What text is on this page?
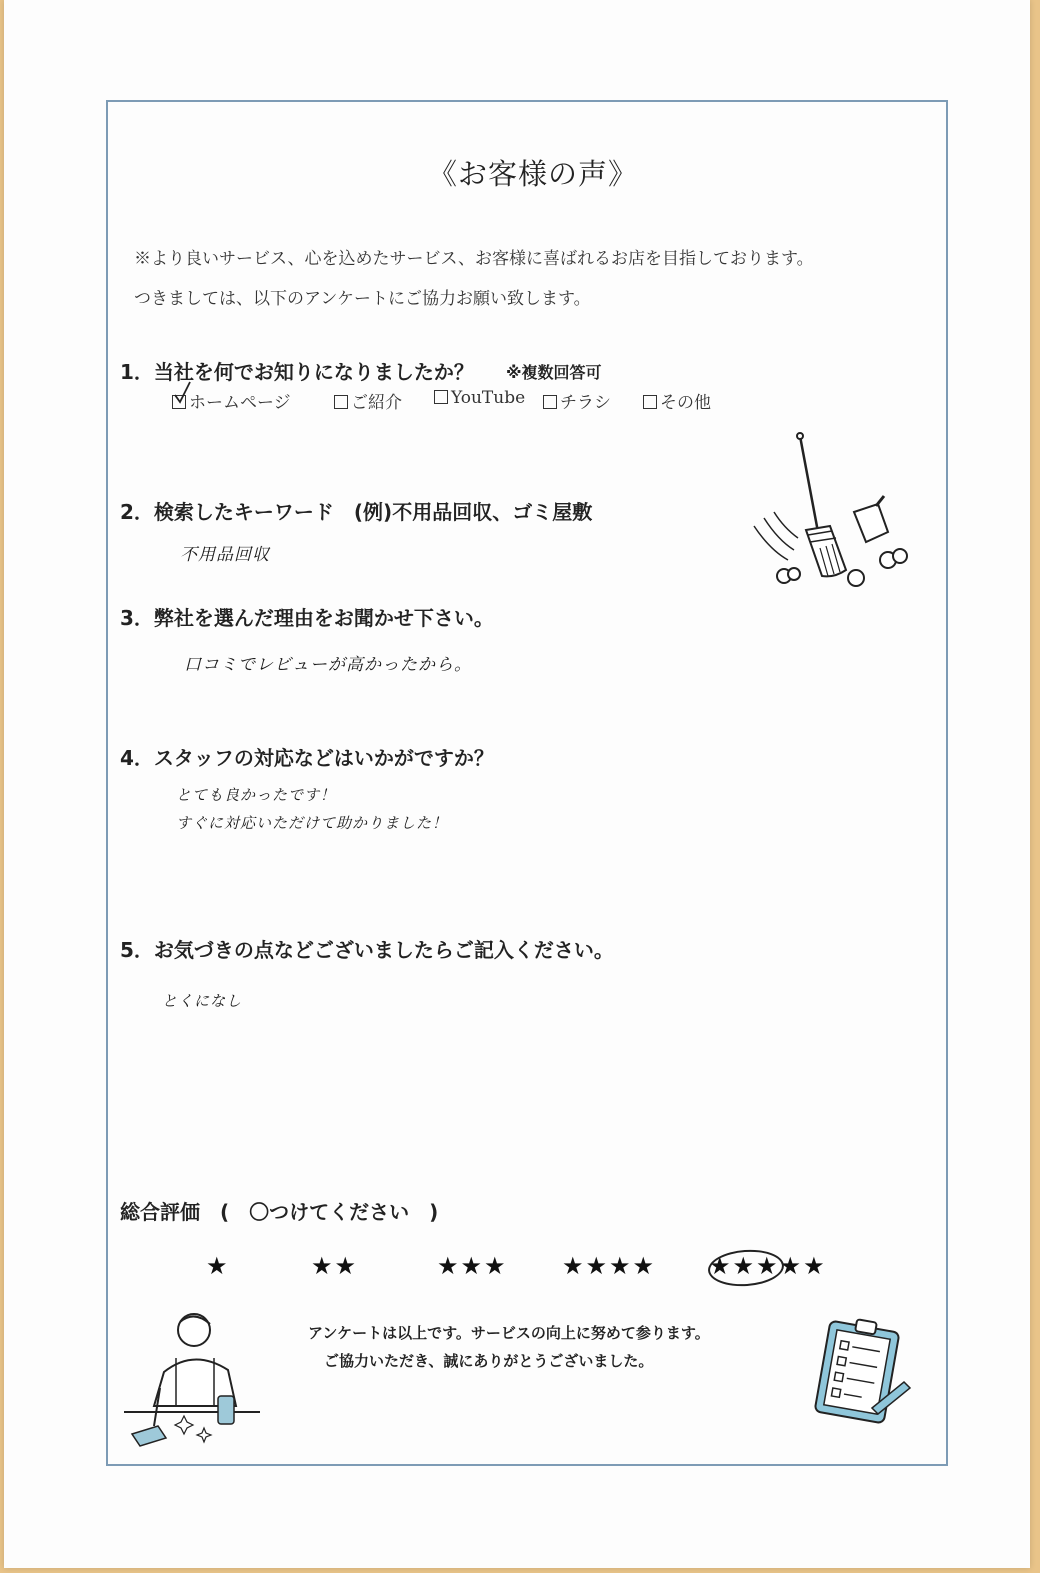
《お客様の声》
※より良いサービス、心を込めたサービス、お客様に喜ばれるお店を目指しております。
つきましては、以下のアンケートにご協力お願い致します。
1．当社を何でお知りになりましたか？ ※複数回答可
ホームページ	ご紹介	YouTube	チラシ	その他
2．検索したキーワード　(例)不用品回収、ゴミ屋敷
不用品回収
3．弊社を選んだ理由をお聞かせ下さい。
口コミでレビューが高かったから。
4．スタッフの対応などはいかがですか？
とても良かったです！
すぐに対応いただけて助かりました！
5．お気づきの点などございましたらご記入ください。
とくになし
総合評価　(　〇つけてください　)
★	★★	★★★ ★★★★ ★★★★★
アンケートは以上です。サービスの向上に努めて参ります。
ご協力いただき、誠にありがとうございました。
